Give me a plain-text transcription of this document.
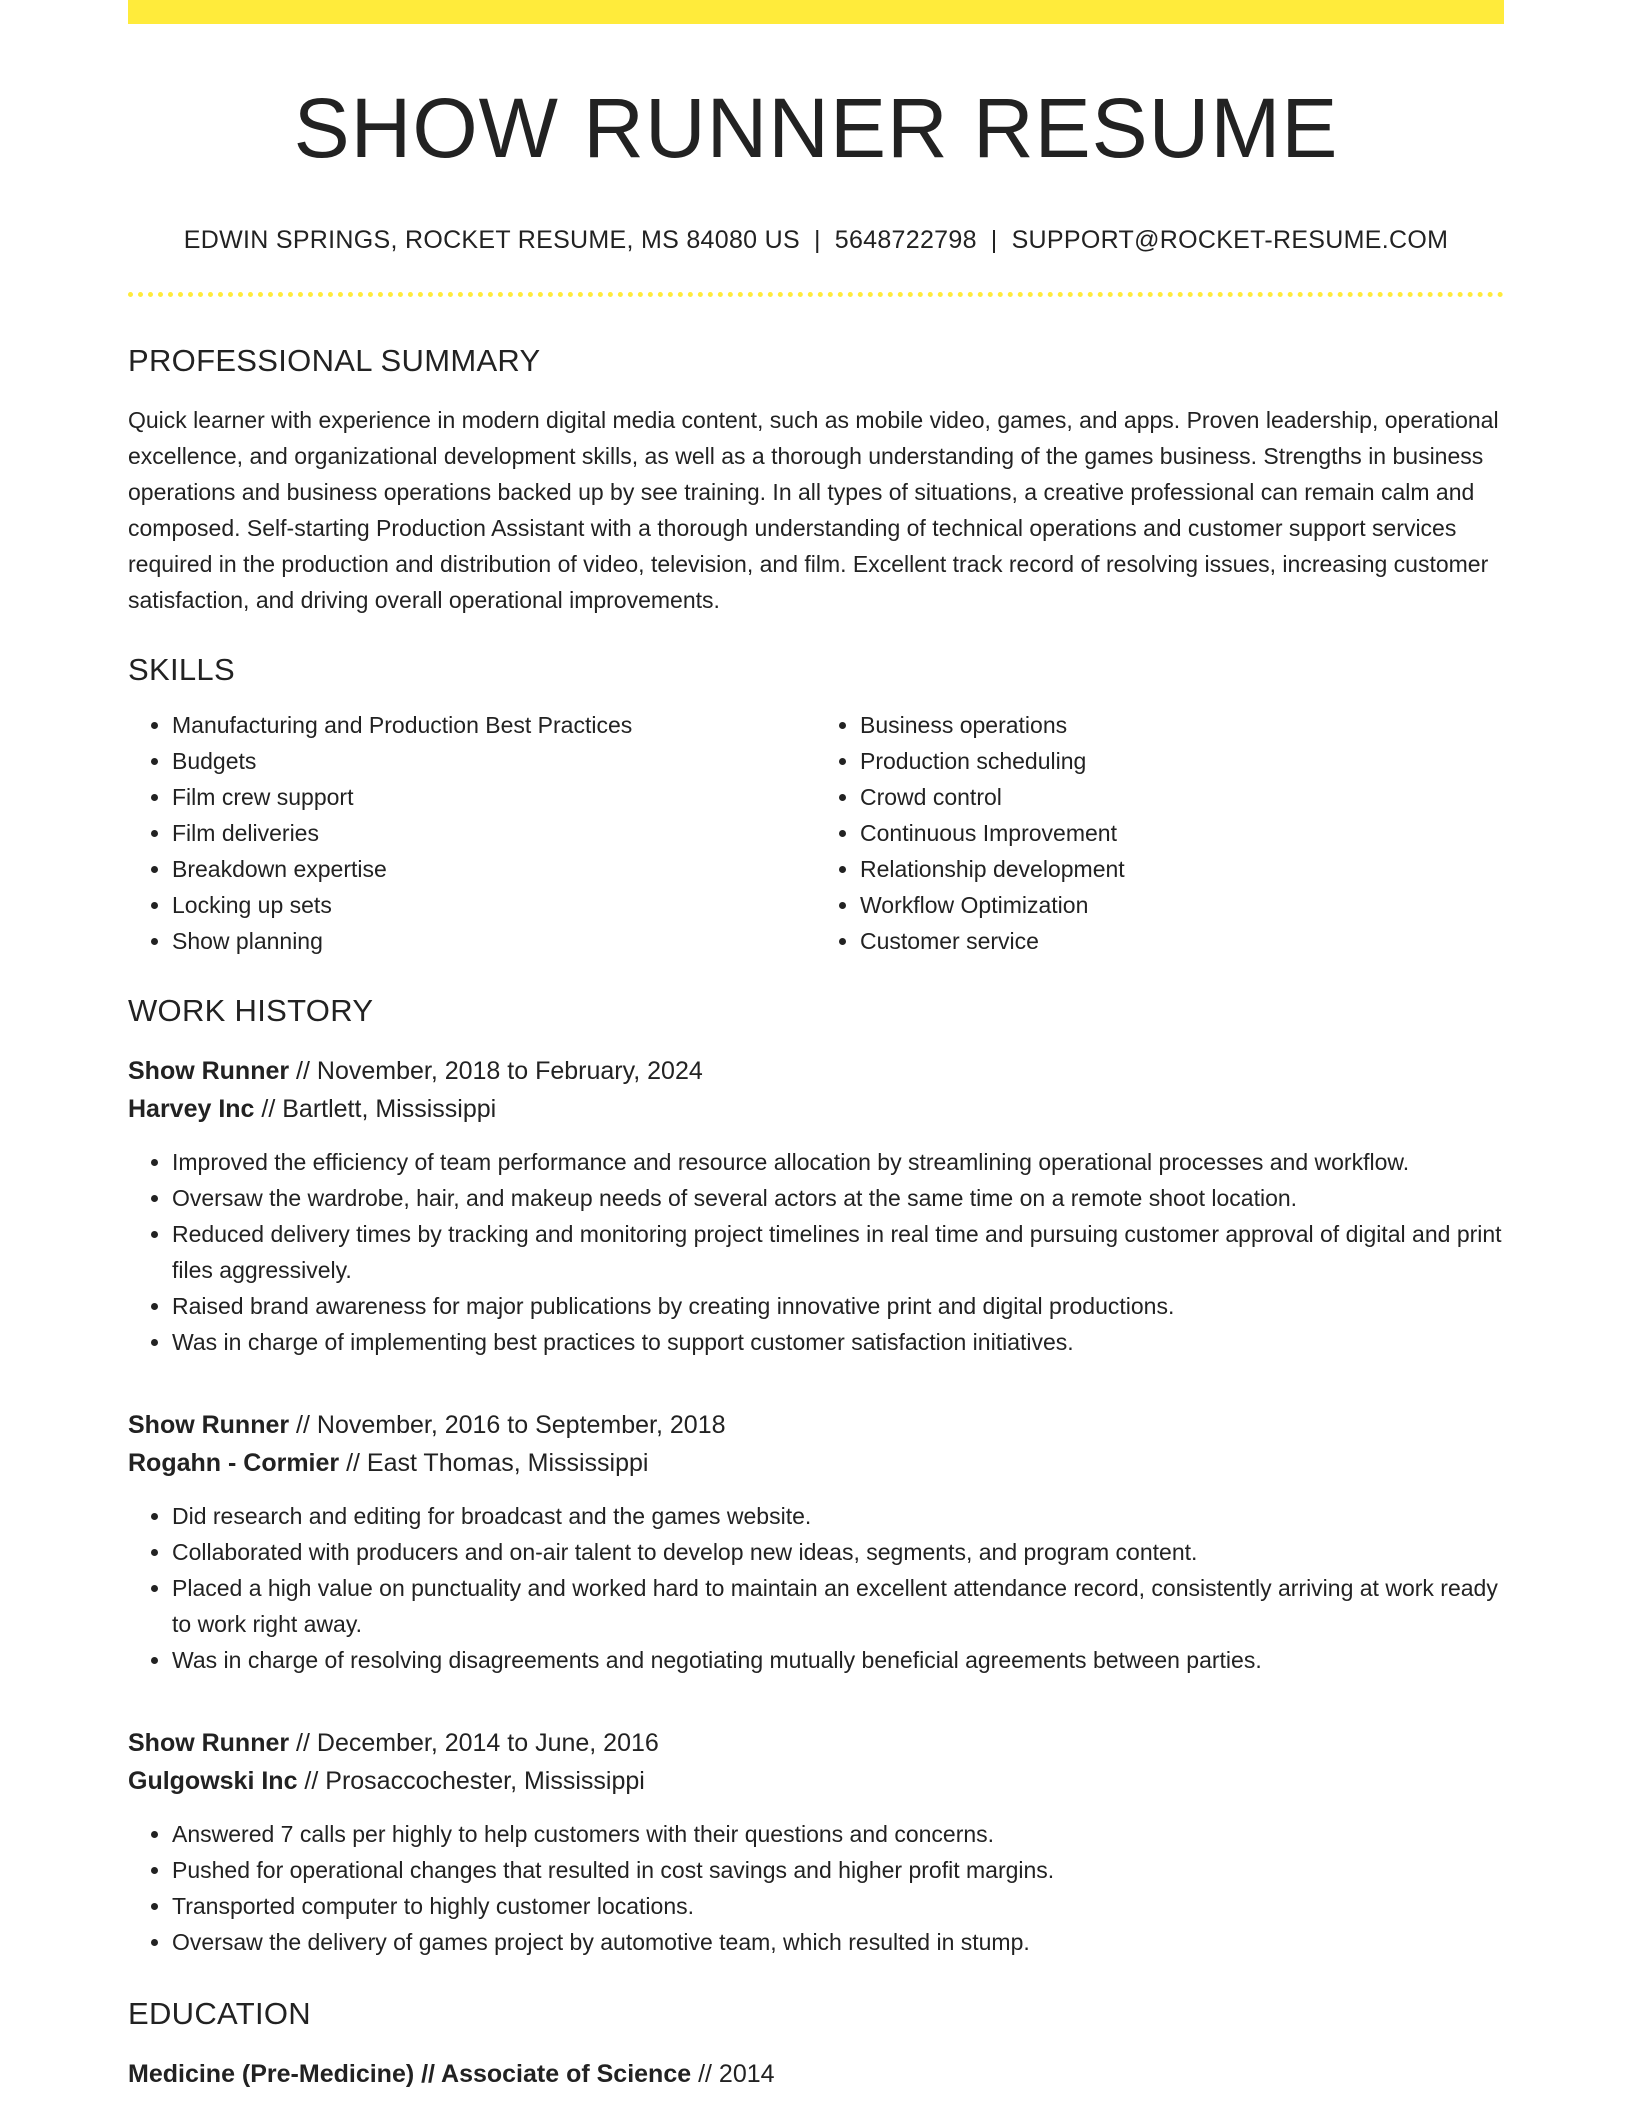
SHOW RUNNER RESUME
EDWIN SPRINGS, ROCKET RESUME, MS 84080 US | 5648722798 | SUPPORT@ROCKET-RESUME.COM
PROFESSIONAL SUMMARY

Quick learner with experience in modern digital media content, such as mobile video, games, and apps. Proven leadership, operational excellence, and organizational development skills, as well as a thorough understanding of the games business. Strengths in business operations and business operations backed up by see training. In all types of situations, a creative professional can remain calm and composed. Self-starting Production Assistant with a thorough understanding of technical operations and customer support services required in the production and distribution of video, television, and film. Excellent track record of resolving issues, increasing customer satisfaction, and driving overall operational improvements.

SKILLS
• Manufacturing and Production Best Practices
• Budgets
• Film crew support
• Film deliveries
• Breakdown expertise
• Locking up sets
• Show planning
• Business operations
• Production scheduling
• Crowd control
• Continuous Improvement
• Relationship development
• Workflow Optimization
• Customer service
WORK HISTORY
Show Runner // November, 2018 to February, 2024
Harvey Inc // Bartlett, Mississippi
• Improved the efficiency of team performance and resource allocation by streamlining operational processes and workflow.
• Oversaw the wardrobe, hair, and makeup needs of several actors at the same time on a remote shoot location.
• Reduced delivery times by tracking and monitoring project timelines in real time and pursuing customer approval of digital and print files aggressively.
• Raised brand awareness for major publications by creating innovative print and digital productions.
• Was in charge of implementing best practices to support customer satisfaction initiatives.
Show Runner // November, 2016 to September, 2018
Rogahn - Cormier // East Thomas, Mississippi
• Did research and editing for broadcast and the games website.
• Collaborated with producers and on-air talent to develop new ideas, segments, and program content.
• Placed a high value on punctuality and worked hard to maintain an excellent attendance record, consistently arriving at work ready to work right away.
• Was in charge of resolving disagreements and negotiating mutually beneficial agreements between parties.
Show Runner // December, 2014 to June, 2016
Gulgowski Inc // Prosaccochester, Mississippi
• Answered 7 calls per highly to help customers with their questions and concerns.
• Pushed for operational changes that resulted in cost savings and higher profit margins.
• Transported computer to highly customer locations.
• Oversaw the delivery of games project by automotive team, which resulted in stump.
EDUCATION
Medicine (Pre-Medicine) // Associate of Science // 2014
